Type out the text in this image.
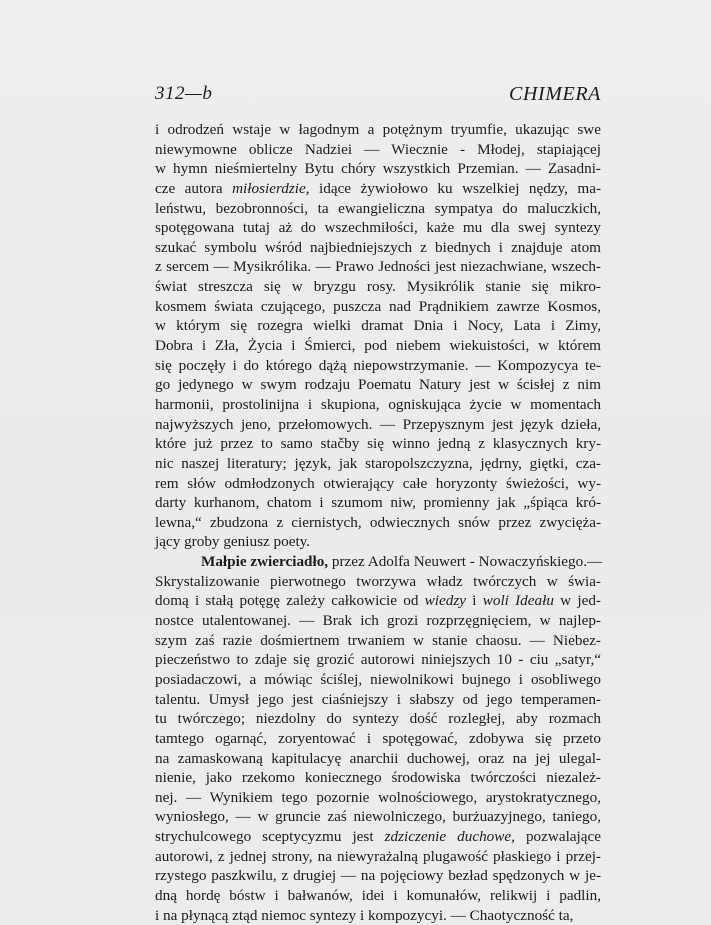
312—b	CHIMERA
i odrodzeń wstaje w łagodnym a potężnym tryumfie, ukazując swe
niewymowne oblicze Nadziei — Wiecznie - Młodej, stapiającej
w hymn nieśmiertelny Bytu chóry wszystkich Przemian. — Zasadni-
cze autora miłosierdzie, idące żywiołowo ku wszelkiej nędzy, ma-
leństwu, bezobronności, ta ewangieliczna sympatya do maluczkich,
spotęgowana tutaj aż do wszechmiłości, każe mu dla swej syntezy
szukać symbolu wśród najbiedniejszych z biednych i znajduje atom
z sercem — Mysikrólika. — Prawo Jedności jest niezachwiane, wszech-
świat streszcza się w bryzgu rosy. Mysikrólik stanie się mikro-
kosmem świata czującego, puszcza nad Prądnikiem zawrze Kosmos,
w którym się rozegra wielki dramat Dnia i Nocy, Lata i Zimy,
Dobra i Zła, Życia i Śmierci, pod niebem wiekuistości, w którem
się poczęły i do którego dążą niepowstrzymanie. — Kompozycya te-
go jedynego w swym rodzaju Poematu Natury jest w ścisłej z nim
harmonii, prostolinijna i skupiona, ogniskująca życie w momentach
najwyższych jeno, przełomowych. — Przepysznym jest język dzieła,
które już przez to samo stačby się winno jedną z klasycznych kry-
nic naszej literatury; język, jak staropolszczyzna, jędrny, giętki, cza-
rem słów odmłodzonych otwierający całe horyzonty świeżości, wy-
darty kurhanom, chatom i szumom niw, promienny jak „śpiąca kró-
lewna,“ zbudzona z ciernistych, odwiecznych snów przez zwycięża-
jący groby geniusz poety.
Małpie zwierciadło, przez Adolfa Neuwert - Nowaczyńskiego.—
Skrystalizowanie pierwotnego tworzywa władz twórczych w świa-
domą i stałą potęgę zależy całkowicie od wiedzy i woli Ideału w jed-
nostce utalentowanej. — Brak ich grozi rozprzęgnięciem, w najlep-
szym zaś razie dośmiertnem trwaniem w stanie chaosu. — Niebez-
pieczeństwo to zdaje się grozić autorowi niniejszych 10 - ciu „satyr,“
posiadaczowi, a mówiąc ściślej, niewolnikowi bujnego i osobliwego
talentu. Umysł jego jest ciaśniejszy i słabszy od jego temperamen-
tu twórczego; niezdolny do syntezy dość rozległej, aby rozmach
tamtego ogarnąć, zoryentować i spotęgować, zdobywa się przeto
na zamaskowaną kapitulacyę anarchii duchowej, oraz na jej ulegal-
nienie, jako rzekomo koniecznego środowiska twórczości niezależ-
nej. — Wynikiem tego pozornie wolnościowego, arystokratycznego,
wyniosłego, — w gruncie zaś niewolniczego, burżuazyjnego, taniego,
strychulcowego sceptycyzmu jest zdziczenie duchowe, pozwalające
autorowi, z jednej strony, na niewyrażalną plugawość płaskiego i przej-
rzystego paszkwilu, z drugiej — na pojęciowy bezład spędzonych w je-
dną hordę bóstw i bałwanów, idei i komunałów, relikwij i padlin,
i na płynącą ztąd niemoc syntezy i kompozycyi. — Chaotyczność ta,
